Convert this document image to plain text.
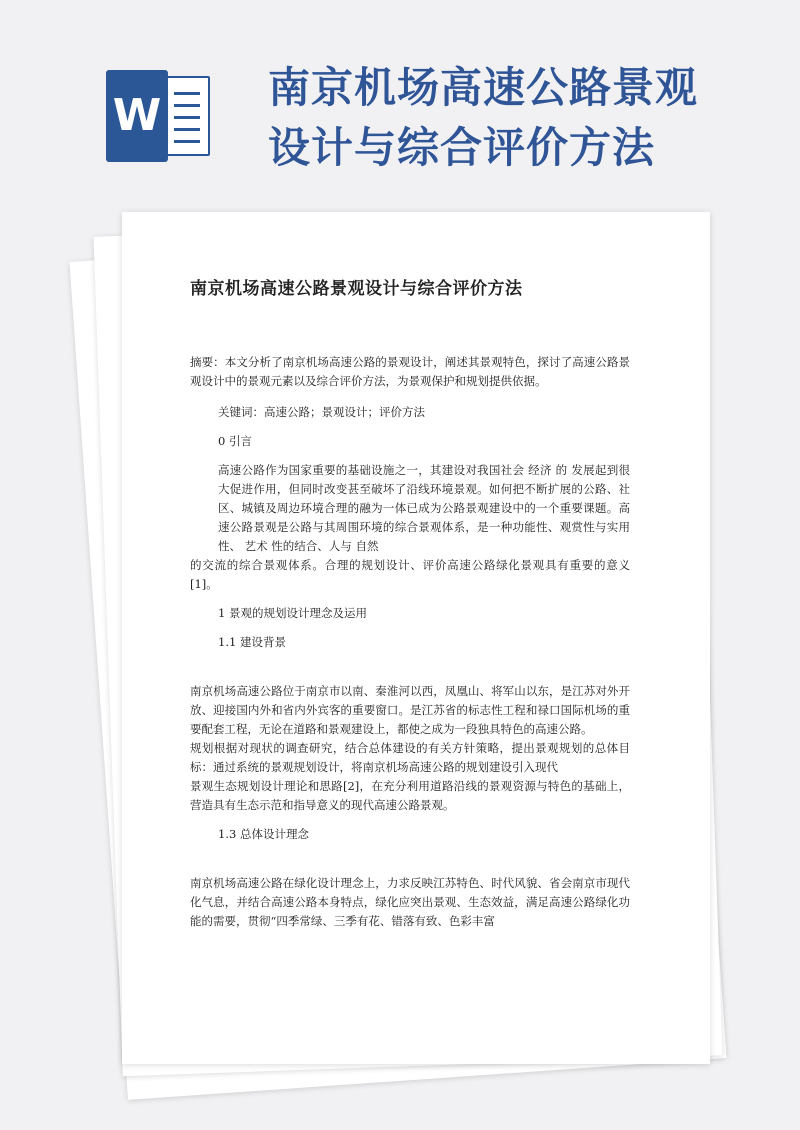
W
南京机场高速公路景观设计与综合评价方法
南京机场高速公路景观设计与综合评价方法

摘要：本文分析了南京机场高速公路的景观设计，阐述其景观特色，探讨了高速公路景观设计中的景观元素以及综合评价方法，为景观保护和规划提供依据。

关键词：高速公路；景观设计；评价方法

0 引言

高速公路作为国家重要的基础设施之一，其建设对我国社会 经济 的 发展起到很大促进作用，但同时改变甚至破坏了沿线环境景观。如何把不断扩展的公路、社区、城镇及周边环境合理的融为一体已成为公路景观建设中的一个重要课题。高速公路景观是公路与其周围环境的综合景观体系，是一种功能性、观赏性与实用性、 艺术 性的结合、人与 自然

的交流的综合景观体系。合理的规划设计、评价高速公路绿化景观具有重要的意义[1]。

1 景观的规划设计理念及运用

1.1 建设背景

南京机场高速公路位于南京市以南、秦淮河以西，凤凰山、将军山以东，是江苏对外开放、迎接国内外和省内外宾客的重要窗口。是江苏省的标志性工程和禄口国际机场的重要配套工程，无论在道路和景观建设上，都使之成为一段独具特色的高速公路。

规划根据对现状的调查研究，结合总体建设的有关方针策略，提出景观规划的总体目标：通过系统的景观规划设计，将南京机场高速公路的规划建设引入现代

景观生态规划设计理论和思路[2]，在充分利用道路沿线的景观资源与特色的基础上，营造具有生态示范和指导意义的现代高速公路景观。

1.3 总体设计理念

南京机场高速公路在绿化设计理念上，力求反映江苏特色、时代风貌、省会南京市现代化气息，并结合高速公路本身特点，绿化应突出景观、生态效益，满足高速公路绿化功能的需要，贯彻“四季常绿、三季有花、错落有致、色彩丰富
